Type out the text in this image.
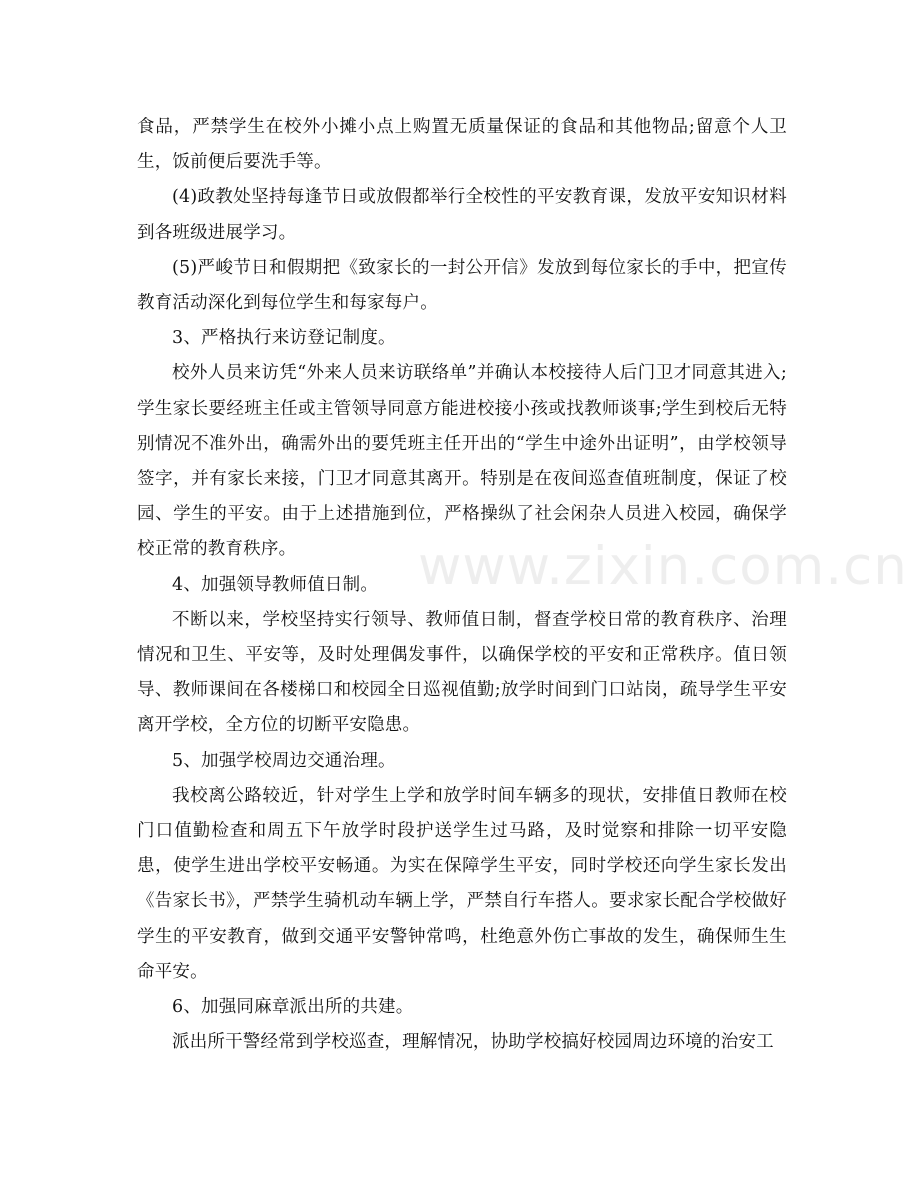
食品，严禁学生在校外小摊小点上购置无质量保证的食品和其他物品;留意个人卫生，饭前便后要洗手等。

(4)政教处坚持每逢节日或放假都举行全校性的平安教育课，发放平安知识材料到各班级进展学习。

(5)严峻节日和假期把《致家长的一封公开信》发放到每位家长的手中，把宣传教育活动深化到每位学生和每家每户。

3、严格执行来访登记制度。

校外人员来访凭“外来人员来访联络单”并确认本校接待人后门卫才同意其进入;学生家长要经班主任或主管领导同意方能进校接小孩或找教师谈事;学生到校后无特别情况不准外出，确需外出的要凭班主任开出的“学生中途外出证明”，由学校领导签字，并有家长来接，门卫才同意其离开。特别是在夜间巡查值班制度，保证了校园、学生的平安。由于上述措施到位，严格操纵了社会闲杂人员进入校园，确保学校正常的教育秩序。

4、加强领导教师值日制。

不断以来，学校坚持实行领导、教师值日制，督查学校日常的教育秩序、治理情况和卫生、平安等，及时处理偶发事件，以确保学校的平安和正常秩序。值日领导、教师课间在各楼梯口和校园全日巡视值勤;放学时间到门口站岗，疏导学生平安离开学校，全方位的切断平安隐患。

5、加强学校周边交通治理。

我校离公路较近，针对学生上学和放学时间车辆多的现状，安排值日教师在校门口值勤检查和周五下午放学时段护送学生过马路，及时觉察和排除一切平安隐患，使学生进出学校平安畅通。为实在保障学生平安，同时学校还向学生家长发出《告家长书》，严禁学生骑机动车辆上学，严禁自行车搭人。要求家长配合学校做好学生的平安教育，做到交通平安警钟常鸣，杜绝意外伤亡事故的发生，确保师生生命平安。

6、加强同麻章派出所的共建。

派出所干警经常到学校巡查，理解情况，协助学校搞好校园周边环境的治安工

www.zixin.com.cn
